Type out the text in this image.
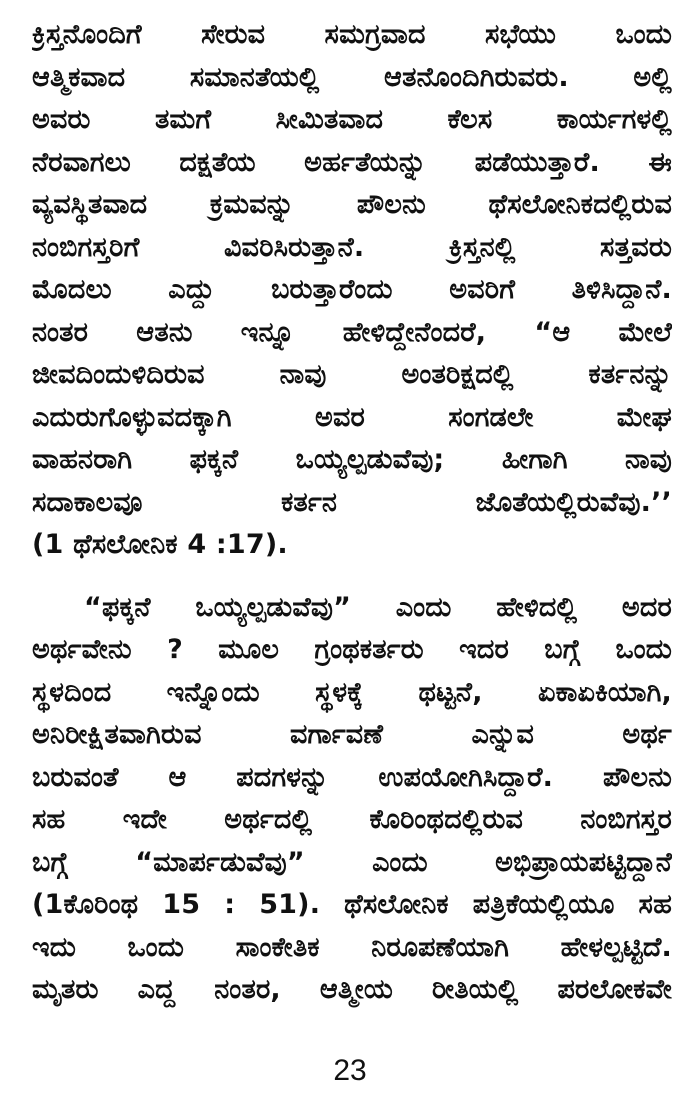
ಕ್ರಿಸ್ತನೊಂದಿಗೆ ಸೇರುವ ಸಮಗ್ರವಾದ ಸಭೆಯು ಒಂದು
ಆತ್ಮಿಕವಾದ ಸಮಾನತೆಯಲ್ಲಿ ಆತನೊಂದಿಗಿರುವರು. ಅಲ್ಲಿ
ಅವರು ತಮಗೆ ಸೀಮಿತವಾದ ಕೆಲಸ ಕಾರ್ಯಗಳಲ್ಲಿ
ನೆರವಾಗಲು ದಕ್ಷತೆಯ ಅರ್ಹತೆಯನ್ನು ಪಡೆಯುತ್ತಾರೆ. ಈ
ವ್ಯವಸ್ಥಿತವಾದ ಕ್ರಮವನ್ನು ಪೌಲನು ಥೆಸಲೋನಿಕದಲ್ಲಿರುವ
ನಂಬಿಗಸ್ತರಿಗೆ ವಿವರಿಸಿರುತ್ತಾನೆ. ಕ್ರಿಸ್ತನಲ್ಲಿ ಸತ್ತವರು
ಮೊದಲು ಎದ್ದು ಬರುತ್ತಾರೆಂದು ಅವರಿಗೆ ತಿಳಿಸಿದ್ದಾನೆ.
ನಂತರ ಆತನು ಇನ್ನೂ ಹೇಳಿದ್ದೇನೆಂದರೆ, “ಆ ಮೇಲೆ
ಜೀವದಿಂದುಳಿದಿರುವ ನಾವು ಅಂತರಿಕ್ಷದಲ್ಲಿ ಕರ್ತನನ್ನು
ಎದುರುಗೊಳ್ಳುವದಕ್ಕಾಗಿ ಅವರ ಸಂಗಡಲೇ ಮೇಘ
ವಾಹನರಾಗಿ ಫಕ್ಕನೆ ಒಯ್ಯಲ್ಪಡುವೆವು; ಹೀಗಾಗಿ ನಾವು
ಸದಾಕಾಲವೂ ಕರ್ತನ ಜೊತೆಯಲ್ಲಿರುವೆವು.’’
(1 ಥೆಸಲೋನಿಕ 4 :17).
“ಫಕ್ಕನೆ ಒಯ್ಯಲ್ಪಡುವೆವು” ಎಂದು ಹೇಳಿದಲ್ಲಿ ಅದರ
ಅರ್ಥವೇನು ? ಮೂಲ ಗ್ರಂಥಕರ್ತರು ಇದರ ಬಗ್ಗೆ ಒಂದು
ಸ್ಥಳದಿಂದ ಇನ್ನೊಂದು ಸ್ಥಳಕ್ಕೆ ಥಟ್ಟನೆ, ಏಕಾಏಕಿಯಾಗಿ,
ಅನಿರೀಕ್ಷಿತವಾಗಿರುವ ವರ್ಗಾವಣೆ ಎನ್ನುವ ಅರ್ಥ
ಬರುವಂತೆ ಆ ಪದಗಳನ್ನು ಉಪಯೋಗಿಸಿದ್ದಾರೆ. ಪೌಲನು
ಸಹ ಇದೇ ಅರ್ಥದಲ್ಲಿ ಕೊರಿಂಥದಲ್ಲಿರುವ ನಂಬಿಗಸ್ತರ
ಬಗ್ಗೆ “ಮಾರ್ಪಡುವೆವು” ಎಂದು ಅಭಿಪ್ರಾಯಪಟ್ಟಿದ್ದಾನೆ
(1ಕೊರಿಂಥ 15 : 51). ಥೆಸಲೋನಿಕ ಪತ್ರಿಕೆಯಲ್ಲಿಯೂ ಸಹ
ಇದು ಒಂದು ಸಾಂಕೇತಿಕ ನಿರೂಪಣೆಯಾಗಿ ಹೇಳಲ್ಪಟ್ಟಿದೆ.
ಮೃತರು ಎದ್ದ ನಂತರ, ಆತ್ಮೀಯ ರೀತಿಯಲ್ಲಿ ಪರಲೋಕವೇ
23
